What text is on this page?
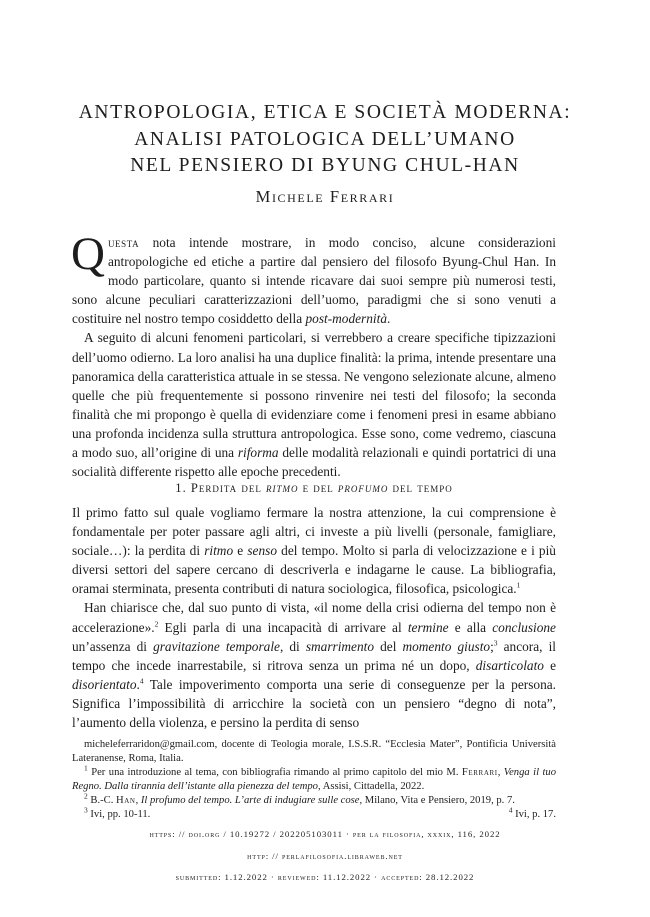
ANTROPOLOGIA, ETICA E SOCIETÀ MODERNA:
ANALISI PATOLOGICA DELL’UMANO
NEL PENSIERO DI BYUNG CHUL-HAN
Michele Ferrari

Questa nota intende mostrare, in modo conciso, alcune considerazioni antropologiche ed etiche a partire dal pensiero del filosofo Byung-Chul Han. In modo particolare, quanto si intende ricavare dai suoi sempre più numerosi testi, sono alcune peculiari caratterizzazioni dell’uomo, paradigmi che si sono venuti a costituire nel nostro tempo cosiddetto della post-modernità.

A seguito di alcuni fenomeni particolari, si verrebbero a creare specifiche tipizzazioni dell’uomo odierno. La loro analisi ha una duplice finalità: la prima, intende presentare una panoramica della caratteristica attuale in se stessa. Ne vengono selezionate alcune, almeno quelle che più frequentemente si possono rinvenire nei testi del filosofo; la seconda finalità che mi propongo è quella di evidenziare come i fenomeni presi in esame abbiano una profonda incidenza sulla struttura antropologica. Esse sono, come vedremo, ciascuna a modo suo, all’origine di una riforma delle modalità relazionali e quindi portatrici di una socialità differente rispetto alle epoche precedenti.

1. Perdita del ritmo e del profumo del tempo

Il primo fatto sul quale vogliamo fermare la nostra attenzione, la cui comprensione è fondamentale per poter passare agli altri, ci investe a più livelli (personale, famigliare, sociale…): la perdita di ritmo e senso del tempo. Molto si parla di velocizzazione e i più diversi settori del sapere cercano di descriverla e indagarne le cause. La bibliografia, oramai sterminata, presenta contributi di natura sociologica, filosofica, psicologica.$^1$

Han chiarisce che, dal suo punto di vista, «il nome della crisi odierna del tempo non è accelerazione».$^2$ Egli parla di una incapacità di arrivare al termine e alla conclusione un’assenza di gravitazione temporale, di smarrimento del momento giusto;$^3$ ancora, il tempo che incede inarrestabile, si ritrova senza un prima né un dopo, disarticolato e disorientato.$^4$ Tale impoverimento comporta una serie di conseguenze per la persona. Significa l’impossibilità di arricchire la società con un pensiero “degno di nota”, l’aumento della violenza, e persino la perdita di senso

micheleferraridon@gmail.com, docente di Teologia morale, I.S.S.R. “Ecclesia Mater”, Pontificia Università Lateranense, Roma, Italia.
$^1$ Per una introduzione al tema, con bibliografia rimando al primo capitolo del mio M. Ferrari, Venga il tuo Regno. Dalla tirannia dell’istante alla pienezza del tempo, Assisi, Cittadella, 2022.
$^2$ B.-C. Han, Il profumo del tempo. L’arte di indugiare sulle cose, Milano, Vita e Pensiero, 2019, p. 7.
$^3$ Ivi, pp. 10-11.	$^4$ Ivi, p. 17.
https: // doi.org / 10.19272 / 202205103011 · per la filosofia, xxxix, 116, 2022
http: // perlafilosofia.libraweb.net
submitted: 1.12.2022 · reviewed: 11.12.2022 · accepted: 28.12.2022
